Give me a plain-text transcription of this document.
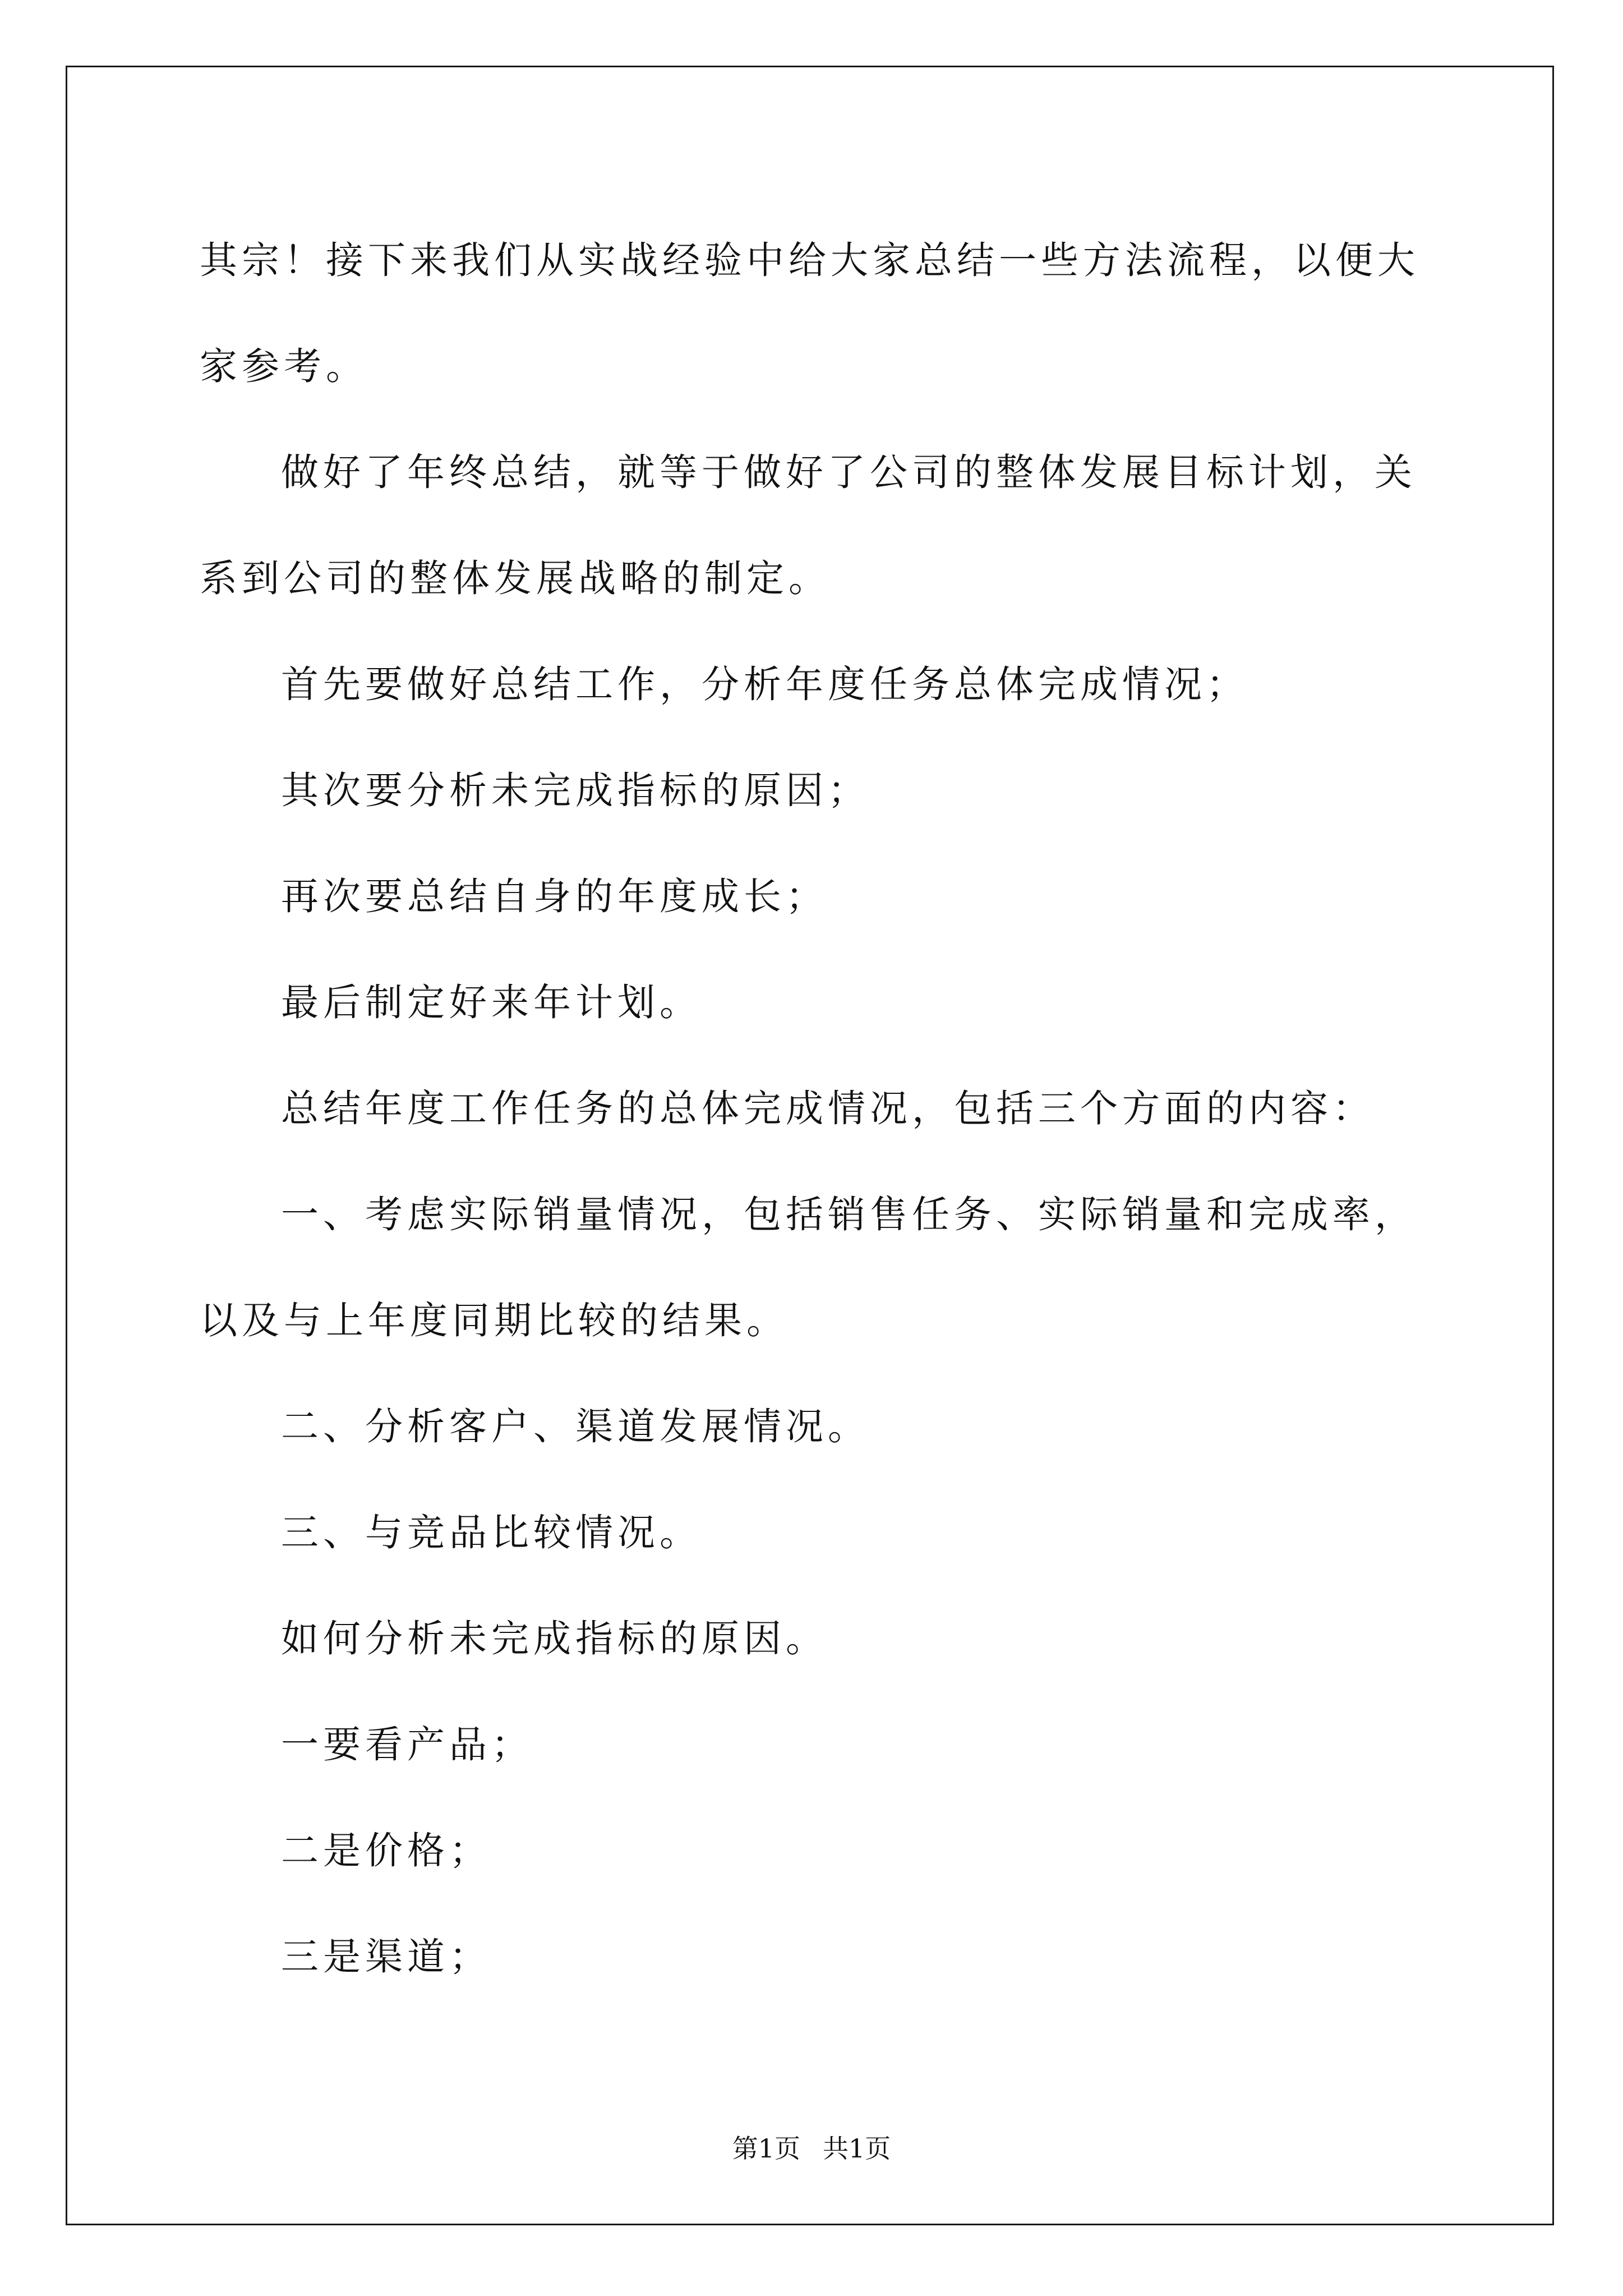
其宗！接下来我们从实战经验中给大家总结一些方法流程，以便大家参考。

做好了年终总结，就等于做好了公司的整体发展目标计划，关系到公司的整体发展战略的制定。

首先要做好总结工作，分析年度任务总体完成情况；

其次要分析未完成指标的原因；

再次要总结自身的年度成长；

最后制定好来年计划。

总结年度工作任务的总体完成情况，包括三个方面的内容：

一、考虑实际销量情况，包括销售任务、实际销量和完成率，以及与上年度同期比较的结果。

二、分析客户、渠道发展情况。

三、与竞品比较情况。

如何分析未完成指标的原因。

一要看产品；

二是价格；

三是渠道；

第1页 共1页
